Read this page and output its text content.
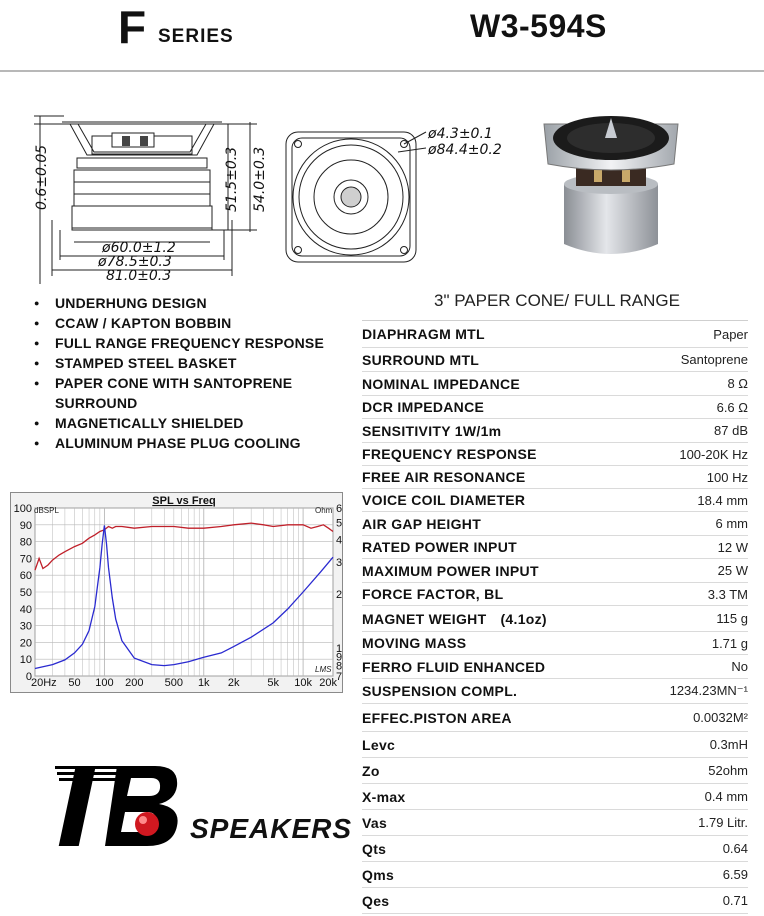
F SERIES	W3-594S
0.6±0.05	51.5±0.3 54.0±0.3
ø60.0±1.2
ø78.5±0.3
81.0±0.3
ø4.3±0.1
ø84.4±0.2
3" PAPER CONE/ FULL RANGE
● UNDERHUNG DESIGN
● CCAW / KAPTON BOBBIN
● FULL RANGE FREQUENCY RESPONSE
● STAMPED STEEL BASKET
● PAPER CONE WITH SANTOPRENE SURROUND
● MAGNETICALLY SHIELDED
● ALUMINUM PHASE PLUG COOLING
DIAPHRAGM MTL	Paper
SURROUND MTL	Santoprene
NOMINAL IMPEDANCE	8 Ω
DCR IMPEDANCE	6.6 Ω
SENSITIVITY 1W/1m	87 dB
FREQUENCY RESPONSE	100-20K Hz
FREE AIR RESONANCE	100 Hz
VOICE COIL DIAMETER	18.4 mm
AIR GAP HEIGHT	6 mm
RATED POWER INPUT	12 W
MAXIMUM POWER INPUT	25 W
FORCE FACTOR, BL	3.3 TM
MAGNET WEIGHT (4.1oz)	115 g
MOVING MASS	1.71 g
FERRO FLUID ENHANCED	No
SUSPENSION COMPL.	1234.23MN⁻¹
EFFEC.PISTON AREA	0.0032M²
Levc	0.3mH
Zo	52ohm
X-max	0.4 mm
Vas	1.79 Litr.
Qts	0.64
Qms	6.59
Qes	0.71
0
10
20
30
40
50
60
70
80
90
100
7
8
9
1
2
3
4
5
6
20Hz 50 100 200 500 1k 2k	5k 10k 20k
SPL vs Freq
dBSPL	Ohm
LMS
SPEAKERS
